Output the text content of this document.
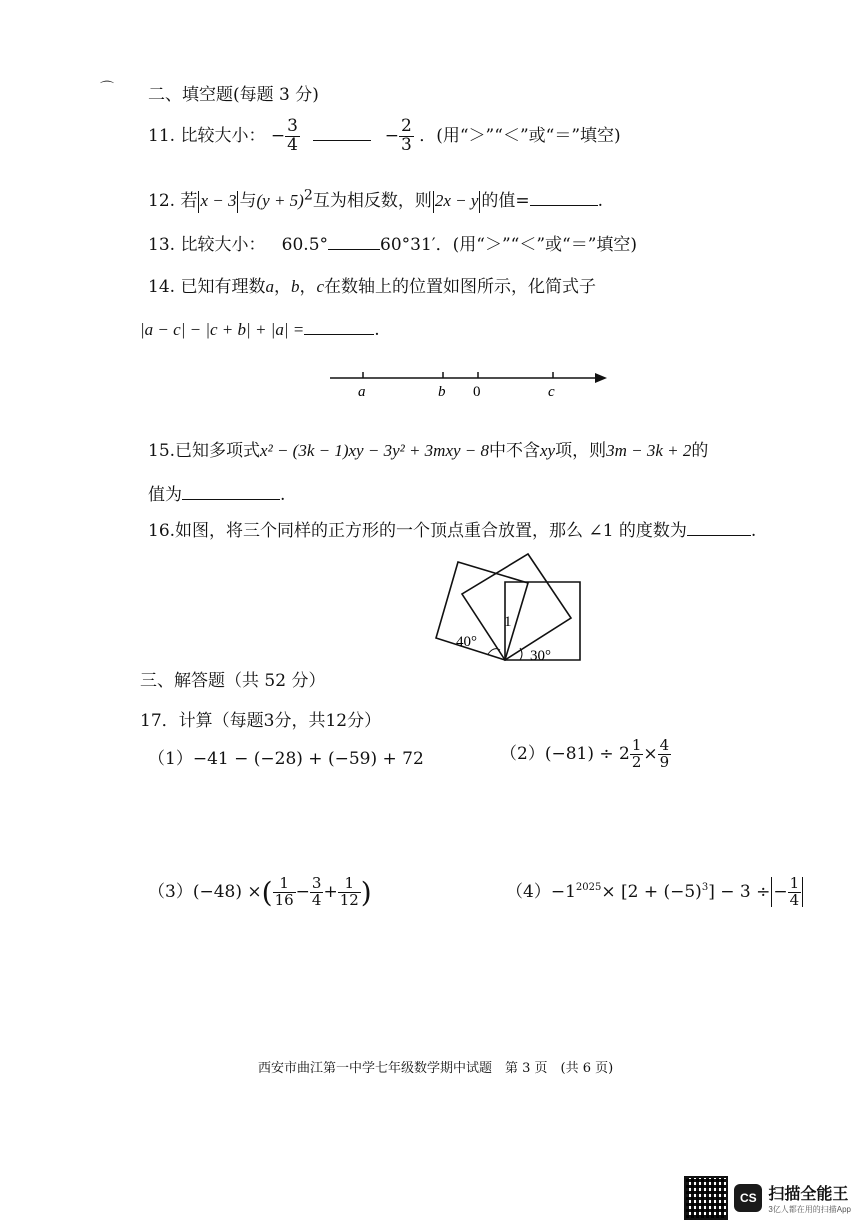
⌒ 二、填空题(每题 3 分)
11. 比较大小： − $\frac{3}{4}$	− $\frac{2}{3}$ ．(用“＞”“＜”或“＝”填空)
12. 若 x − 3 与$(y + 5)^2$互为相反数，则 2x − y 的值=	.
13. 比较大小： 60.5°	60°31′．(用“＞”“＜”或“＝”填空)
14. 已知有理数a，b，c在数轴上的位置如图所示，化简式子
|a − c| − |c + b| + |a| =	.
a	b 0	c
15.已知多项式x² − (3k − 1)xy − 3y² + 3mxy − 8中不含xy项，则3m − 3k + 2的
值为	.
16.如图，将三个同样的正方形的一个顶点重合放置，那么 ∠1 的度数为	.
40°
1
30°
三、解答题（共 52 分）
17．计算（每题3分，共12分）
（1）−41 − (−28) + (−59) + 72	$(2)(-81) \div 2 \frac{1}{2} \times \frac{4}{9}$
（3）(−48) ×( $\frac{1}{16} - \frac{3}{4} + \frac{1}{12}$ )	$(4)-1^{2025}\times [2 + (-5)^3] - 3$ ÷ − $\frac{1}{4}$
西安市曲江第一中学七年级数学期中试题　第 3 页　(共 6 页)
CS 扫描全能王
3亿人都在用的扫描App
